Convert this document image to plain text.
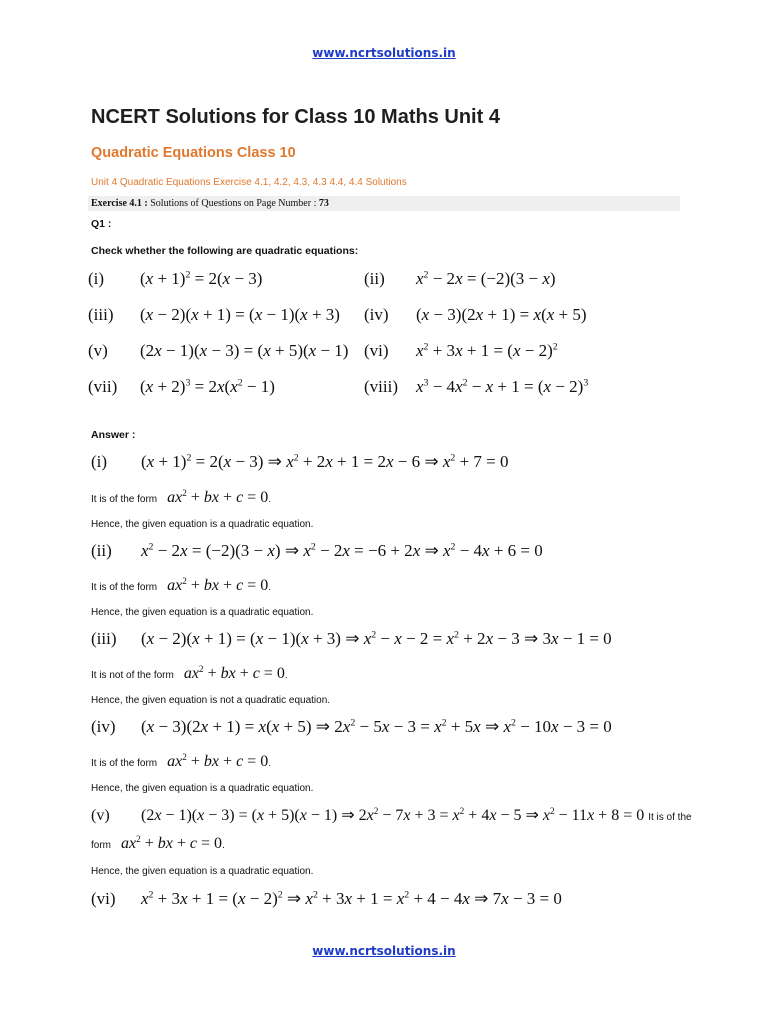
www.ncrtsolutions.in
NCERT Solutions for Class 10 Maths Unit 4
Quadratic Equations Class 10

Unit 4 Quadratic Equations Exercise 4.1, 4.2, 4.3, 4.3 4.4, 4.4 Solutions

Exercise 4.1 : Solutions of Questions on Page Number : 73

Q1 :

Check whether the following are quadratic equations:

(i)	$(x + 1)^2 = 2(x - 3)$	(ii)	$x^2 - 2x = (-2)(3 - x)$
(iii)	(x − 2)(x + 1) = (x − 1)(x + 3) (iv)	(x − 3)(2x + 1) = x(x + 5)
(v)	(2x − 1)(x − 3) = (x + 5)(x − 1) (vi)	$x^2 + 3x + 1 = (x - 2)^2$
(vii)	$(x + 2)^3 = 2x(x^2 - 1)$	(viii)	$x^3 - 4x^2 - x + 1 = (x - 2)^3$

Answer :

(i) $(x + 1)^2 = 2(x - 3)$ ⇒ $x^2 + 2x + 1 = 2x - 6$ ⇒ $x^2 + 7 = 0$

It is of the form $ax^2$ + bx + c = 0.

Hence, the given equation is a quadratic equation.

(ii) $x^2 - 2x = (-2)(3 - x)$ ⇒ $x^2 - 2x = -6 + 2x$ ⇒ $x^2 - 4x + 6 = 0$

It is of the form $ax^2$ + bx + c = 0.

Hence, the given equation is a quadratic equation.

(iii) (x − 2)(x + 1) = (x − 1)(x + 3) ⇒ $x^2 - x - 2 = x^2 + 2x - 3$ ⇒ 3x − 1 = 0

It is not of the form $ax^2$ + bx + c = 0.

Hence, the given equation is not a quadratic equation.

(iv) (x − 3)(2x + 1) = x(x + 5) ⇒ $2x^2 - 5x - 3 = x^2 + 5x$ ⇒ $x^2 - 10x - 3 = 0$

It is of the form $ax^2$ + bx + c = 0.

Hence, the given equation is a quadratic equation.

(v) (2x − 1)(x − 3) = (x + 5)(x − 1) ⇒ $2x^2 - 7x + 3 = x^2 + 4x - 5$ ⇒ $x^2 - 11x + 8 = 0$ It is of the

form $ax^2$ + bx + c = 0.

Hence, the given equation is a quadratic equation.

(vi) $x^2 + 3x + 1 = (x - 2)^2$ ⇒ $x^2 + 3x + 1 = x^2 + 4 - 4x$ ⇒ 7x − 3 = 0
www.ncrtsolutions.in
